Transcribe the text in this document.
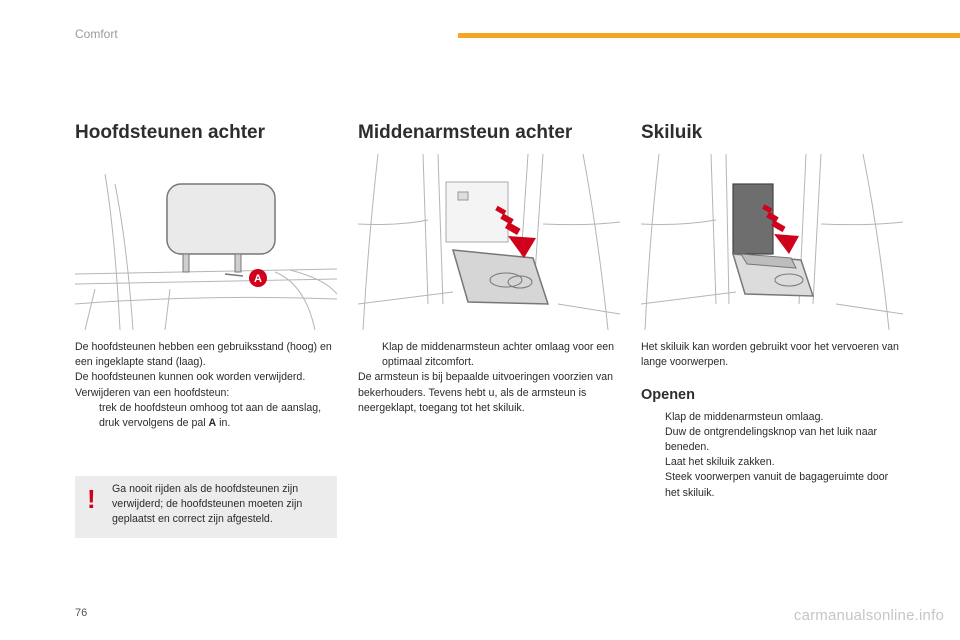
Comfort
Hoofdsteunen achter
A

De hoofdsteunen hebben een gebruiksstand (hoog) en een ingeklapte stand (laag).

De hoofdsteunen kunnen ook worden verwijderd.

Verwijderen van een hoofdsteun:

trek de hoofdsteun omhoog tot aan de aanslag,

druk vervolgens de pal A in.

! Ga nooit rijden als de hoofdsteunen zijn verwijderd; de hoofdsteunen moeten zijn geplaatst en correct zijn afgesteld.
Middenarmsteun achter

Klap de middenarmsteun achter omlaag voor een optimaal zitcomfort.

De armsteun is bij bepaalde uitvoeringen voorzien van bekerhouders. Tevens hebt u, als de armsteun is neergeklapt, toegang tot het skiluik.

Skiluik

Het skiluik kan worden gebruikt voor het vervoeren van lange voorwerpen.

Openen

Klap de middenarmsteun omlaag.

Duw de ontgrendelingsknop van het luik naar beneden.

Laat het skiluik zakken.

Steek voorwerpen vanuit de bagageruimte door het skiluik.

76	carmanualsonline.info
